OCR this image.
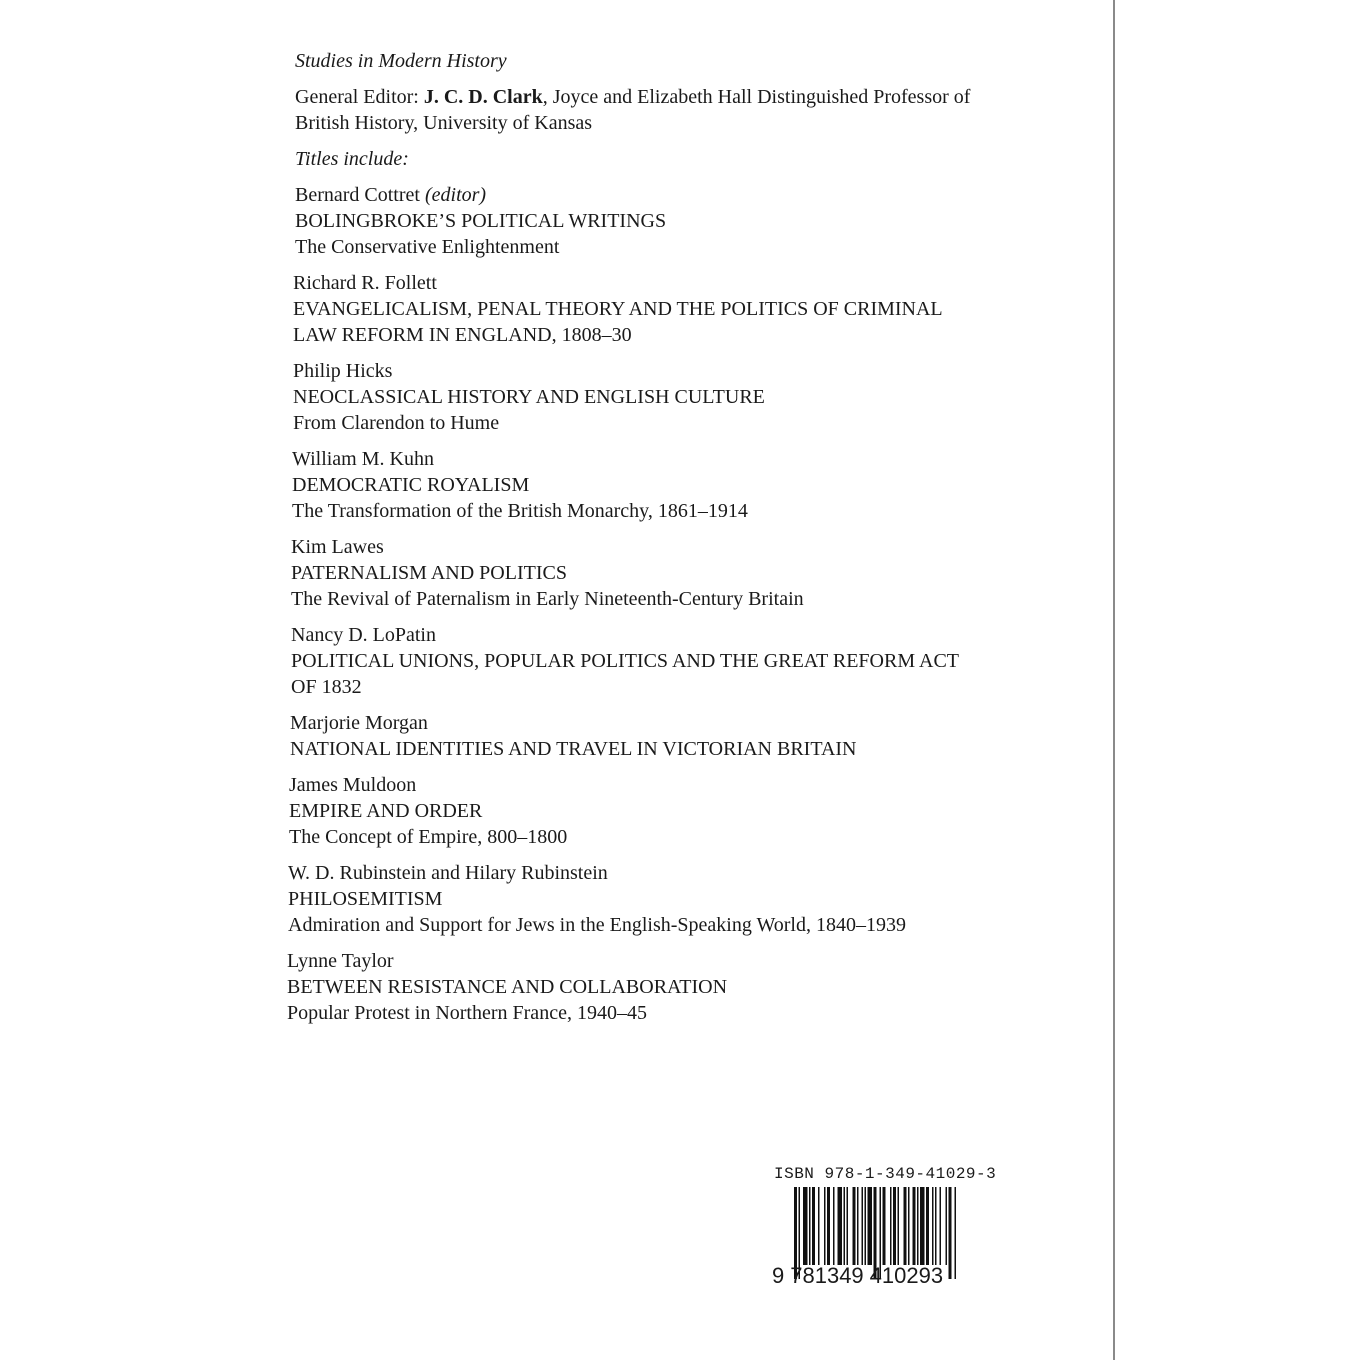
Studies in Modern History
General Editor: J. C. D. Clark, Joyce and Elizabeth Hall Distinguished Professor of
British History, University of Kansas
Titles include:
Bernard Cottret (editor)
BOLINGBROKE’S POLITICAL WRITINGS
The Conservative Enlightenment
Richard R. Follett
EVANGELICALISM, PENAL THEORY AND THE POLITICS OF CRIMINAL
LAW REFORM IN ENGLAND, 1808–30
Philip Hicks
NEOCLASSICAL HISTORY AND ENGLISH CULTURE
From Clarendon to Hume
William M. Kuhn
DEMOCRATIC ROYALISM
The Transformation of the British Monarchy, 1861–1914
Kim Lawes
PATERNALISM AND POLITICS
The Revival of Paternalism in Early Nineteenth-Century Britain
Nancy D. LoPatin
POLITICAL UNIONS, POPULAR POLITICS AND THE GREAT REFORM ACT
OF 1832
Marjorie Morgan
NATIONAL IDENTITIES AND TRAVEL IN VICTORIAN BRITAIN
James Muldoon
EMPIRE AND ORDER
The Concept of Empire, 800–1800
W. D. Rubinstein and Hilary Rubinstein
PHILOSEMITISM
Admiration and Support for Jews in the English-Speaking World, 1840–1939
Lynne Taylor
BETWEEN RESISTANCE AND COLLABORATION
Popular Protest in Northern France, 1940–45
ISBN 978-1-349-41029-3
9 781349 410293
